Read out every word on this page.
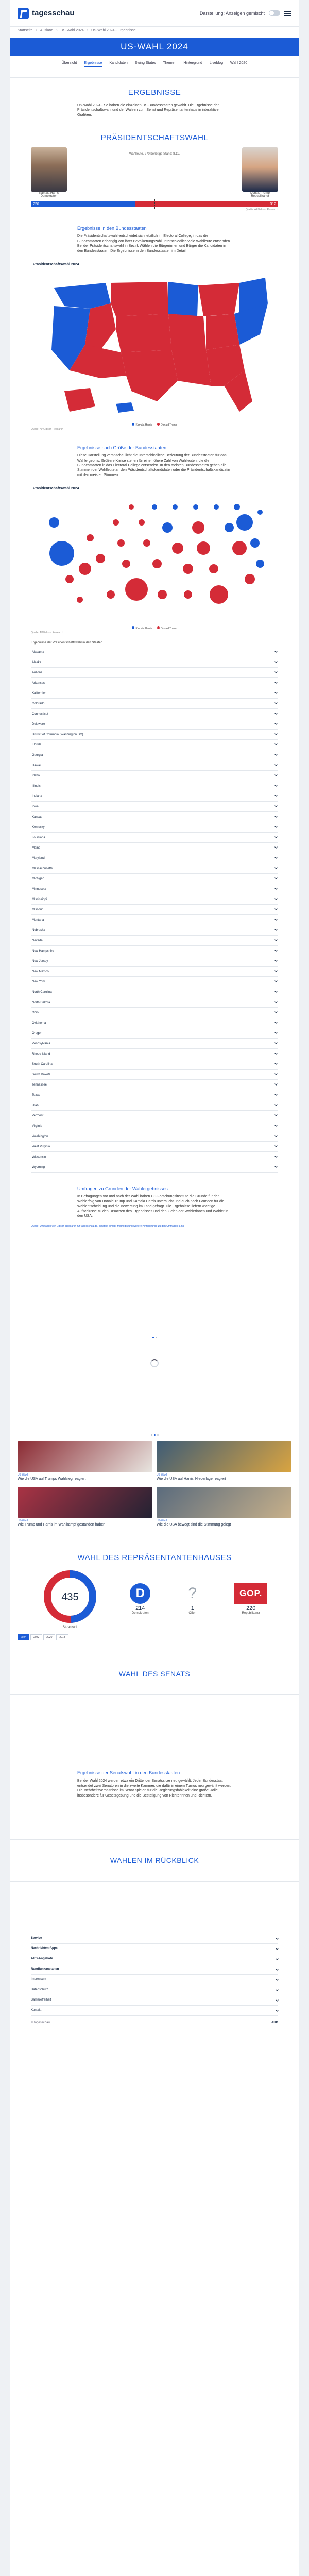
tagesschau	Darstellung: Anzeigen gemischt
Startseite › Ausland › US-Wahl 2024 › US-Wahl 2024 - Ergebnisse
US-WAHL 2024
Übersicht Ergebnisse Kandidaten Swing States Themen Hintergrund Liveblog Wahl 2020
ERGEBNISSE

US-Wahl 2024 - So haben die einzelnen US-Bundesstaaten gewählt. Die Ergebnisse der Präsidentschaftswahl und der Wahlen zum Senat und Repräsentantenhaus in interaktiven Grafiken.

PRÄSIDENTSCHAFTSWAHL
Kamala Harris
Demokraten
Wahlleute, 270 benötigt, Stand: 8.11.
Donald Trump
Republikaner
226	312
Quelle: AP/Edison Research
Ergebnisse in den Bundesstaaten

Die Präsidentschaftswahl entscheidet sich letztlich im Electoral College, in das die Bundesstaaten abhängig von ihrer Bevölkerungszahl unterschiedlich viele Wahlleute entsenden. Bei der Präsidentschaftswahl in Bezirk Wählen die Bürgerinnen und Bürger die Kandidaten in den Bundesstaaten. Die Ergebnisse in den Bundesstaaten im Detail:

Präsidentschaftswahl 2024
Kamala Harris	Donald Trump
Quelle: AP/Edison Research
Ergebnisse nach Größe der Bundesstaaten

Diese Darstellung veranschaulicht die unterschiedliche Bedeutung der Bundesstaaten für das Wahlergebnis. Größere Kreise stehen für eine höhere Zahl von Wahlleuten, die die Bundesstaaten in das Electoral College entsenden. In den meisten Bundesstaaten gehen alle Stimmen der Wahlleute an den Präsidentschaftskandidaten oder die Präsidentschaftskandidatin mit den meisten Stimmen.

Präsidentschaftswahl 2024
Kamala Harris	Donald Trump
Quelle: AP/Edison Research
Ergebnisse der Präsidentschaftswahl in den Staaten
Alabama
Alaska
Arizona
Arkansas
Kalifornien
Colorado
Connecticut
Delaware
District of Columbia (Washington DC)
Florida
Georgia
Hawaii
Idaho
Illinois
Indiana
Iowa
Kansas
Kentucky
Louisiana
Maine
Maryland
Massachusetts
Michigan
Minnesota
Mississippi
Missouri
Montana
Nebraska
Nevada
New Hampshire
New Jersey
New Mexico
New York
North Carolina
North Dakota
Ohio
Oklahoma
Oregon
Pennsylvania
Rhode Island
South Carolina
South Dakota
Tennessee
Texas
Utah
Vermont
Virginia
Washington
West Virginia
Wisconsin
Wyoming
Umfragen zu Gründen der Wahlergebnisses

In Befragungen vor und nach der Wahl haben US-Forschungsinstitute die Gründe für den Wahlerfolg von Donald Trump und Kamala Harris untersucht und auch nach Gründen für die Wahlentscheidung und die Bewertung im Land gefragt. Die Ergebnisse liefern wichtige Aufschlüsse zu den Ursachen des Ergebnisses und den Zielen der Wählerinnen und Wähler in den USA.

Quelle: Umfragen von Edison Research für tagesschau.de, infratest dimap. Methodik und weitere Hintergründe zu den Umfragen: Link

US-Wahl
Wie die USA auf Trumps Wahlsieg reagiert
US-Wahl
Wie die USA auf Harris' Niederlage reagiert
US-Wahl
Wie Trump und Harris im Wahlkampf gestanden haben
US-Wahl
Wie die USA bewegt sind die Stimmung gelegt
WAHL DES REPRÄSENTANTENHAUSES
435
Sitzanzahl
D
214
Demokraten
?
1
Offen
GOP.
220
Republikaner
2024	2022	2020	2018
WAHL DES SENATS
Ergebnisse der Senatswahl in den Bundesstaaten

Bei der Wahl 2024 werden etwa ein Drittel der Senatssitze neu gewählt. Jeder Bundesstaat entsendet zwei Senatoren in die zweite Kammer, die dafür in einem Turnus neu gewählt werden. Die Mehrheitsverhältnisse im Senat spielen für die Regierungsfähigkeit eine große Rolle, insbesondere für Gesetzgebung und die Bestätigung von Richterinnen und Richtern.

WAHLEN IM RÜCKBLICK
Service
Nachrichten-Apps
ARD-Angebote
Rundfunkanstalten
Impressum
Datenschutz
Barrierefreiheit
Kontakt
© tagesschau	ARD
